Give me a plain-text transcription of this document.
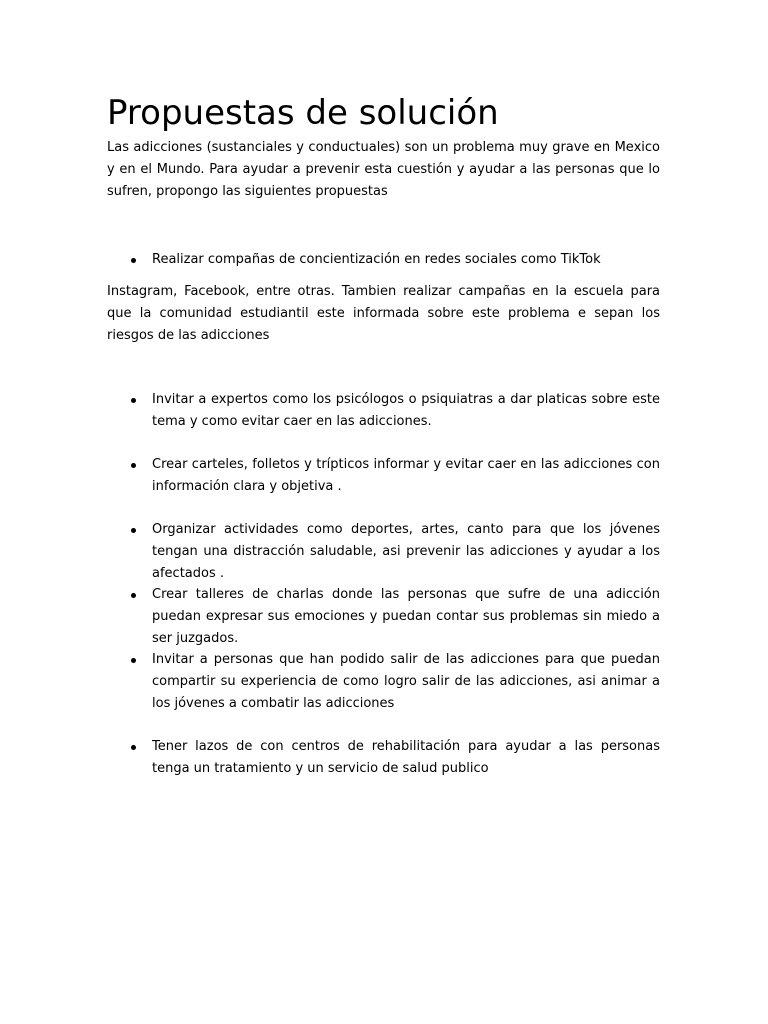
Propuestas de solución

Las adicciones (sustanciales y conductuales) son un problema muy grave en Mexico y en el Mundo. Para ayudar a prevenir esta cuestión y ayudar a las personas que lo sufren, propongo las siguientes propuestas

Realizar compañas de concientización en redes sociales como TikTok

Instagram, Facebook, entre otras. Tambien realizar campañas en la escuela para que la comunidad estudiantil este informada sobre este problema e sepan los riesgos de las adicciones

Invitar a expertos como los psicólogos o psiquiatras a dar platicas sobre este tema y como evitar caer en las adicciones.
Crear carteles, folletos y trípticos informar y evitar caer en las adicciones con información clara y objetiva .
Organizar actividades como deportes, artes, canto para que los jóvenes tengan una distracción saludable, asi prevenir las adicciones y ayudar a los afectados .
Crear talleres de charlas donde las personas que sufre de una adicción puedan expresar sus emociones y puedan contar sus problemas sin miedo a ser juzgados.
Invitar a personas que han podido salir de las adicciones para que puedan compartir su experiencia de como logro salir de las adicciones, asi animar a los jóvenes a combatir las adicciones
Tener lazos de con centros de rehabilitación para ayudar a las personas tenga un tratamiento y un servicio de salud publico
